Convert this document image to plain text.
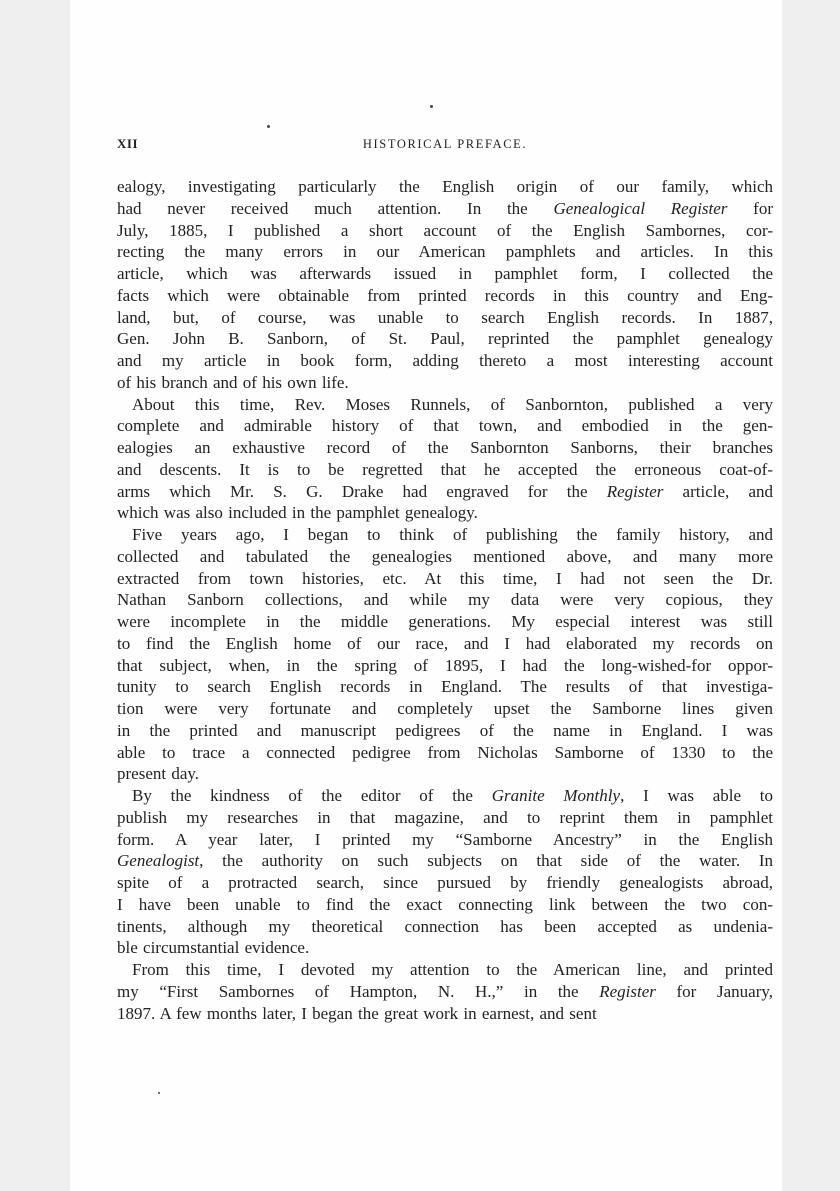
XII	HISTORICAL PREFACE.
ealogy, investigating particularly the English origin of our family, which
had never received much attention. In the Genealogical Register for
July, 1885, I published a short account of the English Sambornes, cor-
recting the many errors in our American pamphlets and articles. In this
article, which was afterwards issued in pamphlet form, I collected the
facts which were obtainable from printed records in this country and Eng-
land, but, of course, was unable to search English records. In 1887,
Gen. John B. Sanborn, of St. Paul, reprinted the pamphlet genealogy
and my article in book form, adding thereto a most interesting account
of his branch and of his own life.
About this time, Rev. Moses Runnels, of Sanbornton, published a very
complete and admirable history of that town, and embodied in the gen-
ealogies an exhaustive record of the Sanbornton Sanborns, their branches
and descents. It is to be regretted that he accepted the erroneous coat-of-
arms which Mr. S. G. Drake had engraved for the Register article, and
which was also included in the pamphlet genealogy.
Five years ago, I began to think of publishing the family history, and
collected and tabulated the genealogies mentioned above, and many more
extracted from town histories, etc. At this time, I had not seen the Dr.
Nathan Sanborn collections, and while my data were very copious, they
were incomplete in the middle generations. My especial interest was still
to find the English home of our race, and I had elaborated my records on
that subject, when, in the spring of 1895, I had the long-wished-for oppor-
tunity to search English records in England. The results of that investiga-
tion were very fortunate and completely upset the Samborne lines given
in the printed and manuscript pedigrees of the name in England. I was
able to trace a connected pedigree from Nicholas Samborne of 1330 to the
present day.
By the kindness of the editor of the Granite Monthly, I was able to
publish my researches in that magazine, and to reprint them in pamphlet
form. A year later, I printed my “Samborne Ancestry” in the English
Genealogist, the authority on such subjects on that side of the water. In
spite of a protracted search, since pursued by friendly genealogists abroad,
I have been unable to find the exact connecting link between the two con-
tinents, although my theoretical connection has been accepted as undenia-
ble circumstantial evidence.
From this time, I devoted my attention to the American line, and printed
my “First Sambornes of Hampton, N. H.,” in the Register for January,
1897. A few months later, I began the great work in earnest, and sent
